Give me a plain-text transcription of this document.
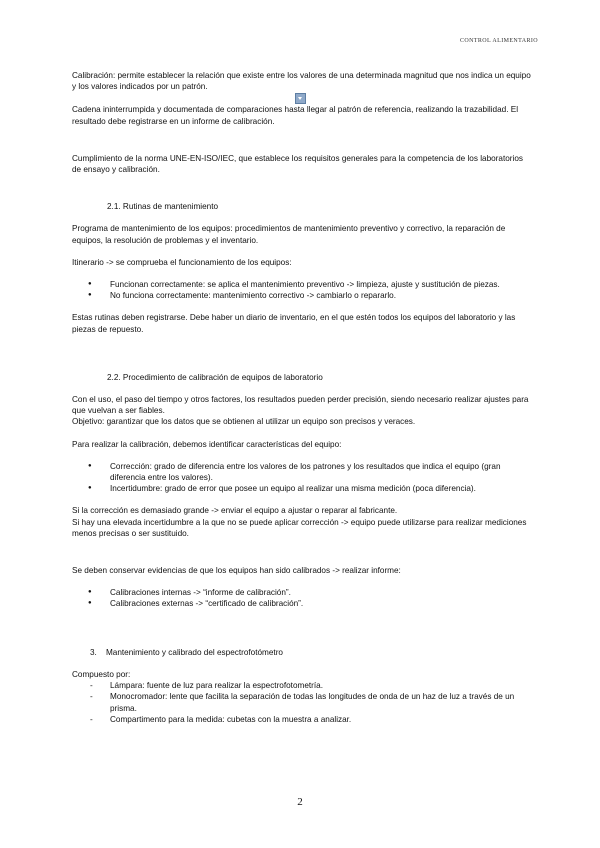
CONTROL ALIMENTARIO

Calibración: permite establecer la relación que existe entre los valores de una determinada magnitud que nos indica un equipo y los valores indicados por un patrón.

Cadena ininterrumpida y documentada de comparaciones hasta llegar al patrón de referencia, realizando la trazabilidad. El resultado debe registrarse en un informe de calibración.

Cumplimiento de la norma UNE-EN-ISO/IEC, que establece los requisitos generales para la competencia de los laboratorios de ensayo y calibración.

2.1. Rutinas de mantenimiento

Programa de mantenimiento de los equipos: procedimientos de mantenimiento preventivo y correctivo, la reparación de equipos, la resolución de problemas y el inventario.

Itinerario -> se comprueba el funcionamiento de los equipos:

● Funcionan correctamente: se aplica el mantenimiento preventivo -> limpieza, ajuste y sustitución de piezas.
● No funciona correctamente: mantenimiento correctivo -> cambiarlo o repararlo.

Estas rutinas deben registrarse. Debe haber un diario de inventario, en el que estén todos los equipos del laboratorio y las piezas de repuesto.

2.2. Procedimiento de calibración de equipos de laboratorio

Con el uso, el paso del tiempo y otros factores, los resultados pueden perder precisión, siendo necesario realizar ajustes para que vuelvan a ser fiables.

Objetivo: garantizar que los datos que se obtienen al utilizar un equipo son precisos y veraces.

Para realizar la calibración, debemos identificar características del equipo:

● Corrección: grado de diferencia entre los valores de los patrones y los resultados que indica el equipo (gran diferencia entre los valores).
● Incertidumbre: grado de error que posee un equipo al realizar una misma medición (poca diferencia).

Si la corrección es demasiado grande -> enviar el equipo a ajustar o reparar al fabricante.

Si hay una elevada incertidumbre a la que no se puede aplicar corrección -> equipo puede utilizarse para realizar mediciones menos precisas o ser sustituido.

Se deben conservar evidencias de que los equipos han sido calibrados -> realizar informe:

● Calibraciones internas -> “informe de calibración”.
● Calibraciones externas -> “certificado de calibración”.

3. Mantenimiento y calibrado del espectrofotómetro

Compuesto por:

- Lámpara: fuente de luz para realizar la espectrofotometría.
- Monocromador: lente que facilita la separación de todas las longitudes de onda de un haz de luz a través de un prisma.
- Compartimento para la medida: cubetas con la muestra a analizar.
2
